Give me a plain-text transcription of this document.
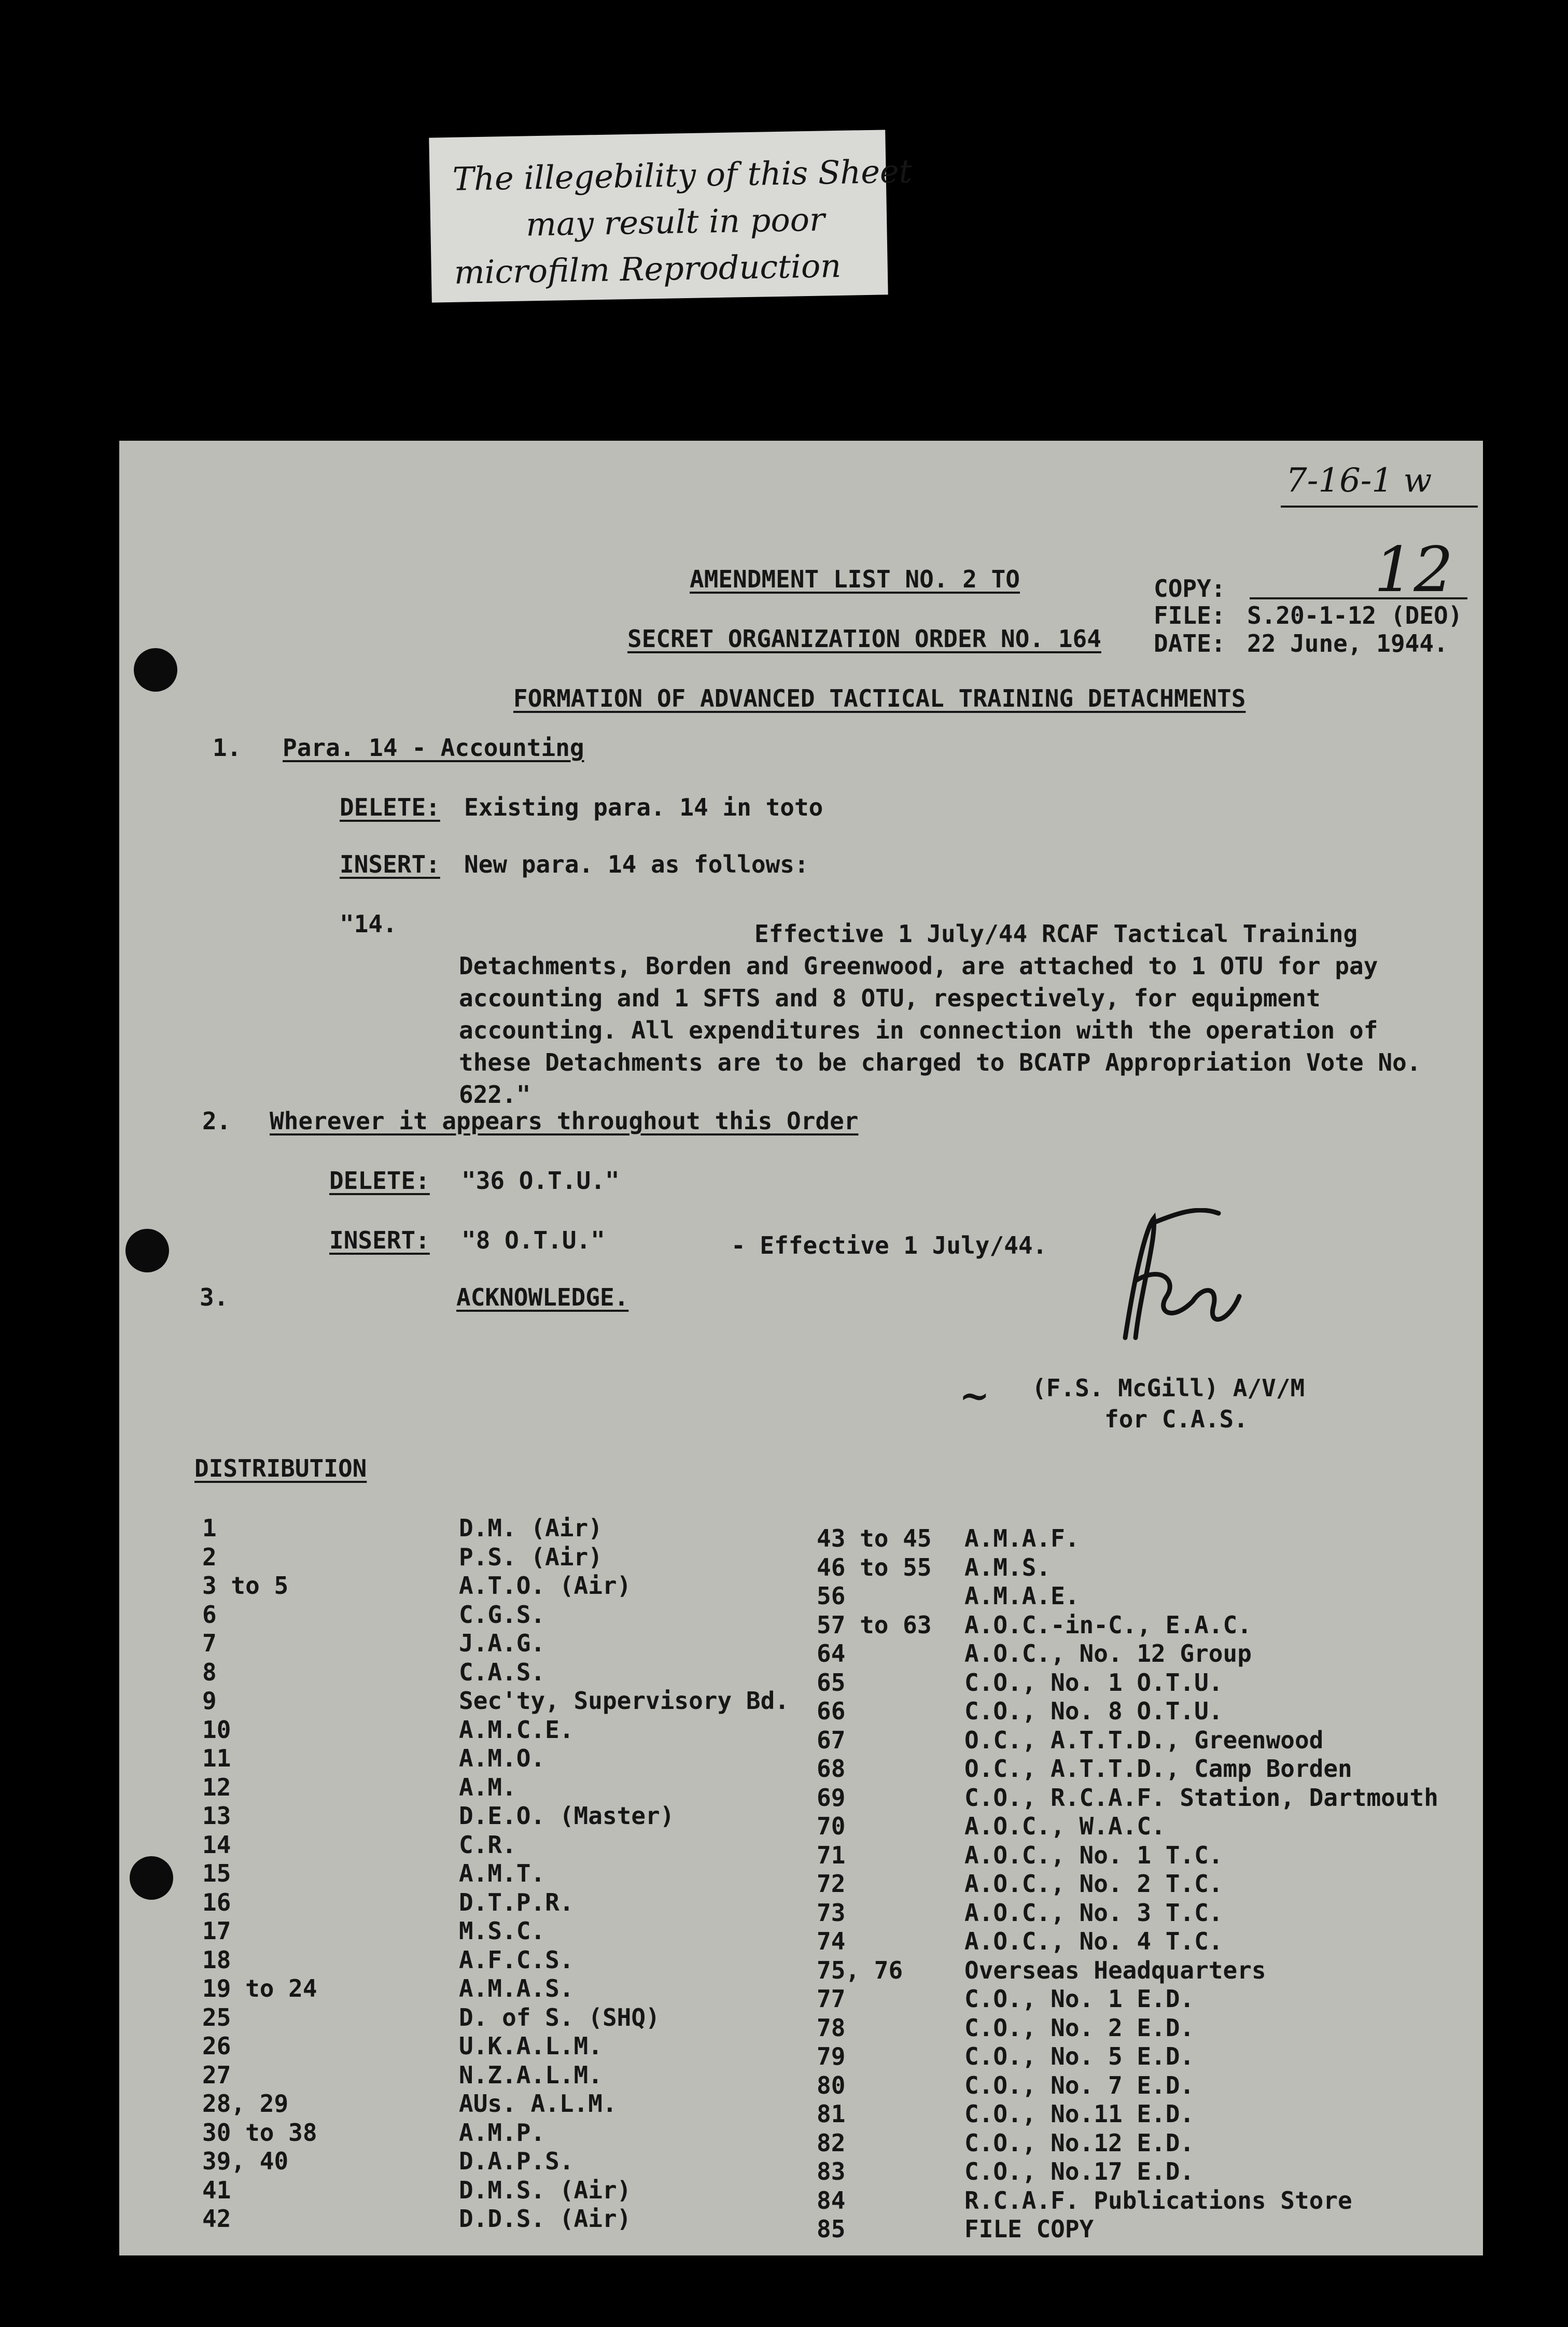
The illegebility of this Sheet
may result in poor
microfilm Reproduction
7-16-1 w
AMENDMENT LIST NO. 2 TO
SECRET ORGANIZATION ORDER NO. 164
FORMATION OF ADVANCED TACTICAL TRAINING DETACHMENTS
COPY: 12
FILE: S.20-1-12 (DEO)
DATE: 22 June, 1944.
1. Para. 14 - Accounting
DELETE: Existing para. 14 in toto
INSERT: New para. 14 as follows:
"14.	Effective 1 July/44 RCAF Tactical Training Detachments, Borden and Greenwood, are attached to 1 OTU for pay accounting and 1 SFTS and 8 OTU, respectively, for equipment accounting. All expenditures in connection with the operation of these Detachments are to be charged to BCATP Appropriation Vote No. 622."
2. Wherever it appears throughout this Order
DELETE: "36 O.T.U."
INSERT: "8 O.T.U."	- Effective 1 July/44.
3.	ACKNOWLEDGE.
~ (F.S. McGill) A/V/M
for C.A.S.
DISTRIBUTION
1	D.M. (Air)
2	P.S. (Air)
3 to 5	A.T.O. (Air)
6	C.G.S.
7	J.A.G.
8	C.A.S.
9	Sec'ty, Supervisory Bd.
10	A.M.C.E.
11	A.M.O.
12	A.M.
13	D.E.O. (Master)
14	C.R.
15	A.M.T.
16	D.T.P.R.
17	M.S.C.
18	A.F.C.S.
19 to 24	A.M.A.S.
25	D. of S. (SHQ)
26	U.K.A.L.M.
27	N.Z.A.L.M.
28, 29	AUs. A.L.M.
30 to 38	A.M.P.
39, 40	D.A.P.S.
41	D.M.S. (Air)
42	D.D.S. (Air)
43 to 45 A.M.A.F.
46 to 55 A.M.S.
56	A.M.A.E.
57 to 63 A.O.C.-in-C., E.A.C.
64	A.O.C., No. 12 Group
65	C.O., No. 1 O.T.U.
66	C.O., No. 8 O.T.U.
67	O.C., A.T.T.D., Greenwood
68	O.C., A.T.T.D., Camp Borden
69	C.O., R.C.A.F. Station, Dartmouth
70	A.O.C., W.A.C.
71	A.O.C., No. 1 T.C.
72	A.O.C., No. 2 T.C.
73	A.O.C., No. 3 T.C.
74	A.O.C., No. 4 T.C.
75, 76	Overseas Headquarters
77	C.O., No. 1 E.D.
78	C.O., No. 2 E.D.
79	C.O., No. 5 E.D.
80	C.O., No. 7 E.D.
81	C.O., No.11 E.D.
82	C.O., No.12 E.D.
83	C.O., No.17 E.D.
84	R.C.A.F. Publications Store
85	FILE COPY
